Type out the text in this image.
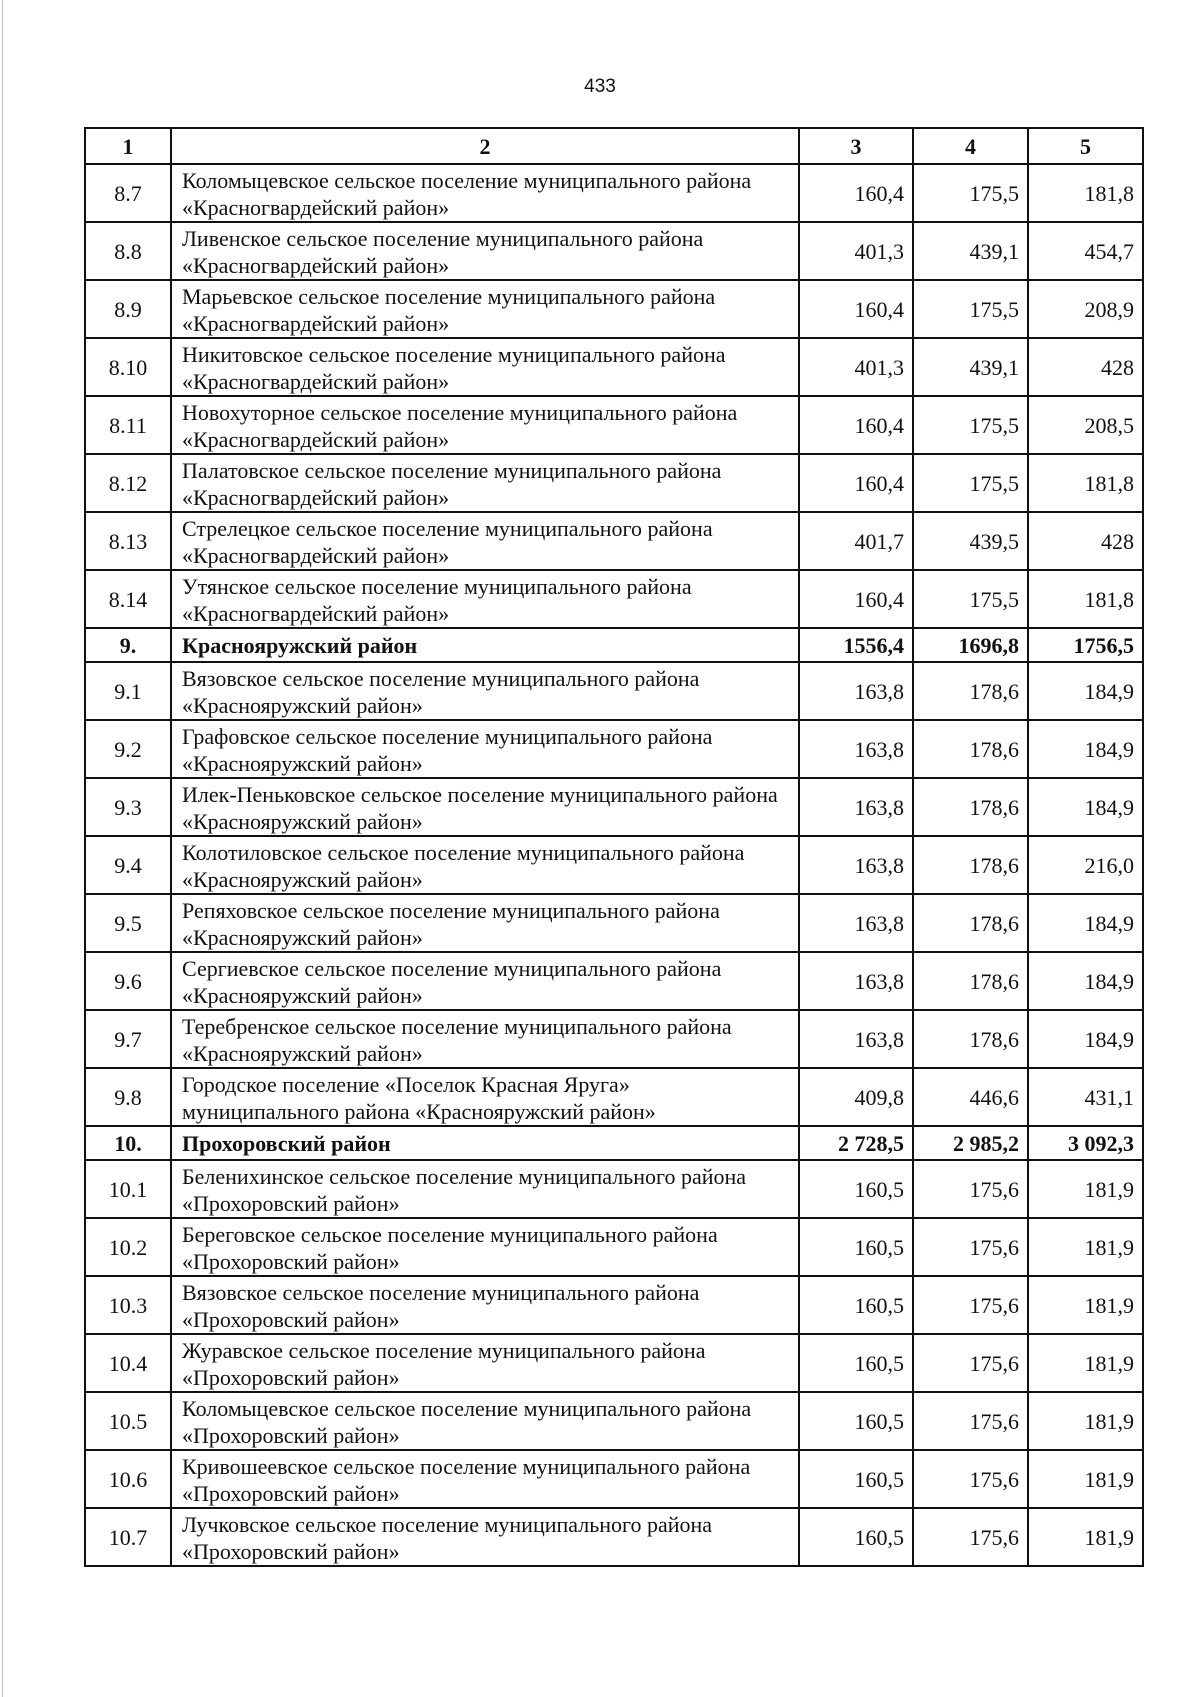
433
1	2	3	4	5
8.7	Коломыцевское сельское поселение муниципального района «Красногвардейский район»	160,4	175,5	181,8
8.8	Ливенское сельское поселение муниципального района «Красногвардейский район»	401,3	439,1	454,7
8.9	Марьевское сельское поселение муниципального района «Красногвардейский район»	160,4	175,5	208,9
8.10	Никитовское сельское поселение муниципального района «Красногвардейский район»	401,3	439,1	428
8.11	Новохуторное сельское поселение муниципального района «Красногвардейский район»	160,4	175,5	208,5
8.12	Палатовское сельское поселение муниципального района «Красногвардейский район»	160,4	175,5	181,8
8.13	Стрелецкое сельское поселение муниципального района «Красногвардейский район»	401,7	439,5	428
8.14	Утянское сельское поселение муниципального района «Красногвардейский район»	160,4	175,5	181,8
9.	Краснояружский район	1556,4	1696,8	1756,5
9.1	Вязовское сельское поселение муниципального района «Краснояружский район»	163,8	178,6	184,9
9.2	Графовское сельское поселение муниципального района «Краснояружский район»	163,8	178,6	184,9
9.3	Илек-Пеньковское сельское поселение муниципального района «Краснояружский район»	163,8	178,6	184,9
9.4	Колотиловское сельское поселение муниципального района «Краснояружский район»	163,8	178,6	216,0
9.5	Репяховское сельское поселение муниципального района «Краснояружский район»	163,8	178,6	184,9
9.6	Сергиевское сельское поселение муниципального района «Краснояружский район»	163,8	178,6	184,9
9.7	Теребренское сельское поселение муниципального района «Краснояружский район»	163,8	178,6	184,9
9.8	Городское поселение «Поселок Красная Яруга» муниципального района «Краснояружский район»	409,8	446,6	431,1
10.	Прохоровский район	2 728,5	2 985,2	3 092,3
10.1	Беленихинское сельское поселение муниципального района «Прохоровский район»	160,5	175,6	181,9
10.2	Береговское сельское поселение муниципального района «Прохоровский район»	160,5	175,6	181,9
10.3	Вязовское сельское поселение муниципального района «Прохоровский район»	160,5	175,6	181,9
10.4	Журавское сельское поселение муниципального района «Прохоровский район»	160,5	175,6	181,9
10.5	Коломыцевское сельское поселение муниципального района «Прохоровский район»	160,5	175,6	181,9
10.6	Кривошеевское сельское поселение муниципального района «Прохоровский район»	160,5	175,6	181,9
10.7	Лучковское сельское поселение муниципального района «Прохоровский район»	160,5	175,6	181,9
